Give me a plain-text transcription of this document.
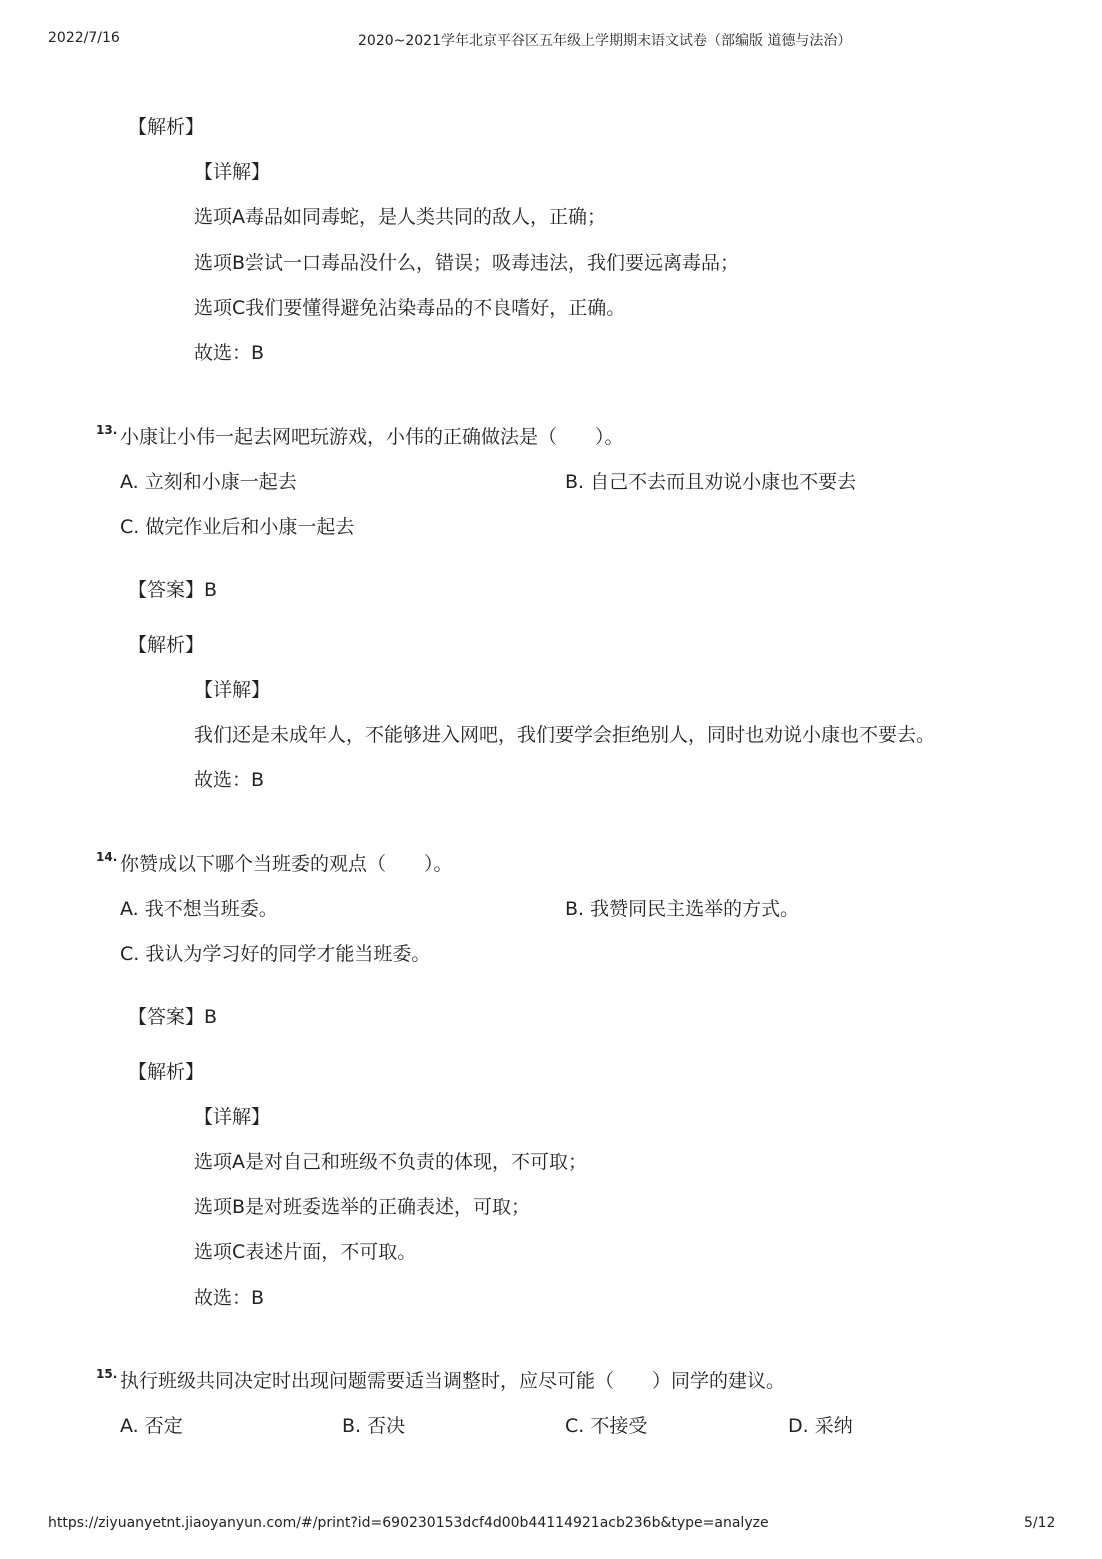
2022/7/16	2020~2021学年北京平谷区五年级上学期期末语文试卷（部编版 道德与法治）
【解析】
【详解】
选项A毒品如同毒蛇，是人类共同的敌人，正确；
选项B尝试一口毒品没什么，错误；吸毒违法，我们要远离毒品；
选项C我们要懂得避免沾染毒品的不良嗜好，正确。
故选：B
13. 小康让小伟一起去网吧玩游戏，小伟的正确做法是（　　）。
A. 立刻和小康一起去	B. 自己不去而且劝说小康也不要去
C. 做完作业后和小康一起去
【答案】B
【解析】
【详解】
我们还是未成年人，不能够进入网吧，我们要学会拒绝别人，同时也劝说小康也不要去。
故选：B
14. 你赞成以下哪个当班委的观点（　　）。
A. 我不想当班委。	B. 我赞同民主选举的方式。
C. 我认为学习好的同学才能当班委。
【答案】B
【解析】
【详解】
选项A是对自己和班级不负责的体现，不可取；
选项B是对班委选举的正确表述，可取；
选项C表述片面，不可取。
故选：B
15. 执行班级共同决定时出现问题需要适当调整时，应尽可能（　　）同学的建议。
A. 否定	B. 否决	C. 不接受	D. 采纳
https://ziyuanyetnt.jiaoyanyun.com/#/print?id=690230153dcf4d00b44114921acb236b&type=analyze	5/12
